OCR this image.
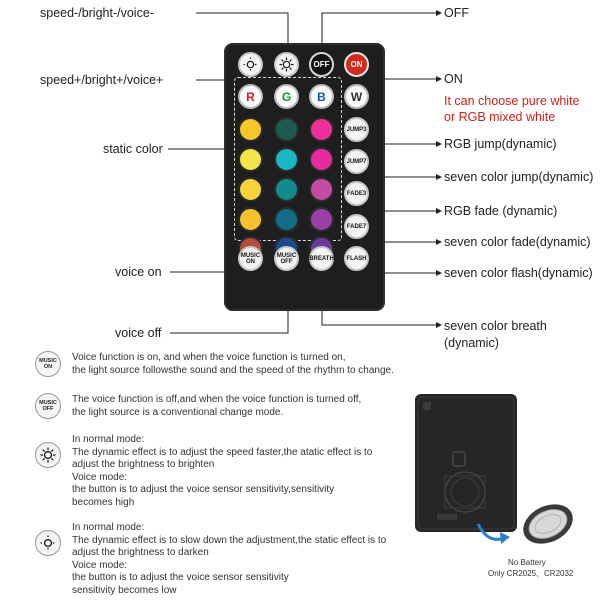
speed-/bright-/voice-
speed+/bright+/voice+
static color
voice on
voice off
OFF
ON
It can choose pure white
or RGB mixed white
RGB jump(dynamic)
seven color jump(dynamic)
RGB fade (dynamic)
seven color fade(dynamic)
seven color flash(dynamic)
seven color breath
(dynamic)
OFF	ON
R G B W
JUMP3
JUMP7
FADE3
FADE7
MUSIC
ON
MUSIC
OFF	BREATH FLASH
MUSIC
ON
Voice function is on, and when the voice function is turned on,
the light source followsthe sound and the speed of the rhythm to change.
MUSIC
OFF
The voice function is off,and when the voice function is turned off,
the light source is a conventional change mode.
In normal mode:
The dynamic effect is to adjust the speed faster,the atatic effect is to
adjust the brightness to brighten
Voice mode:
the button is to adjust the voice sensor sensitivity,sensitivity
becomes high
In normal mode:
The dynamic effect is to slow down the adjustment,the static effect is to
adjust the brightness to darken
Voice mode:
the button is to adjust the voice sensor sensitivity
sensitivity becomes low
No Battery
Only CR2025、CR2032
